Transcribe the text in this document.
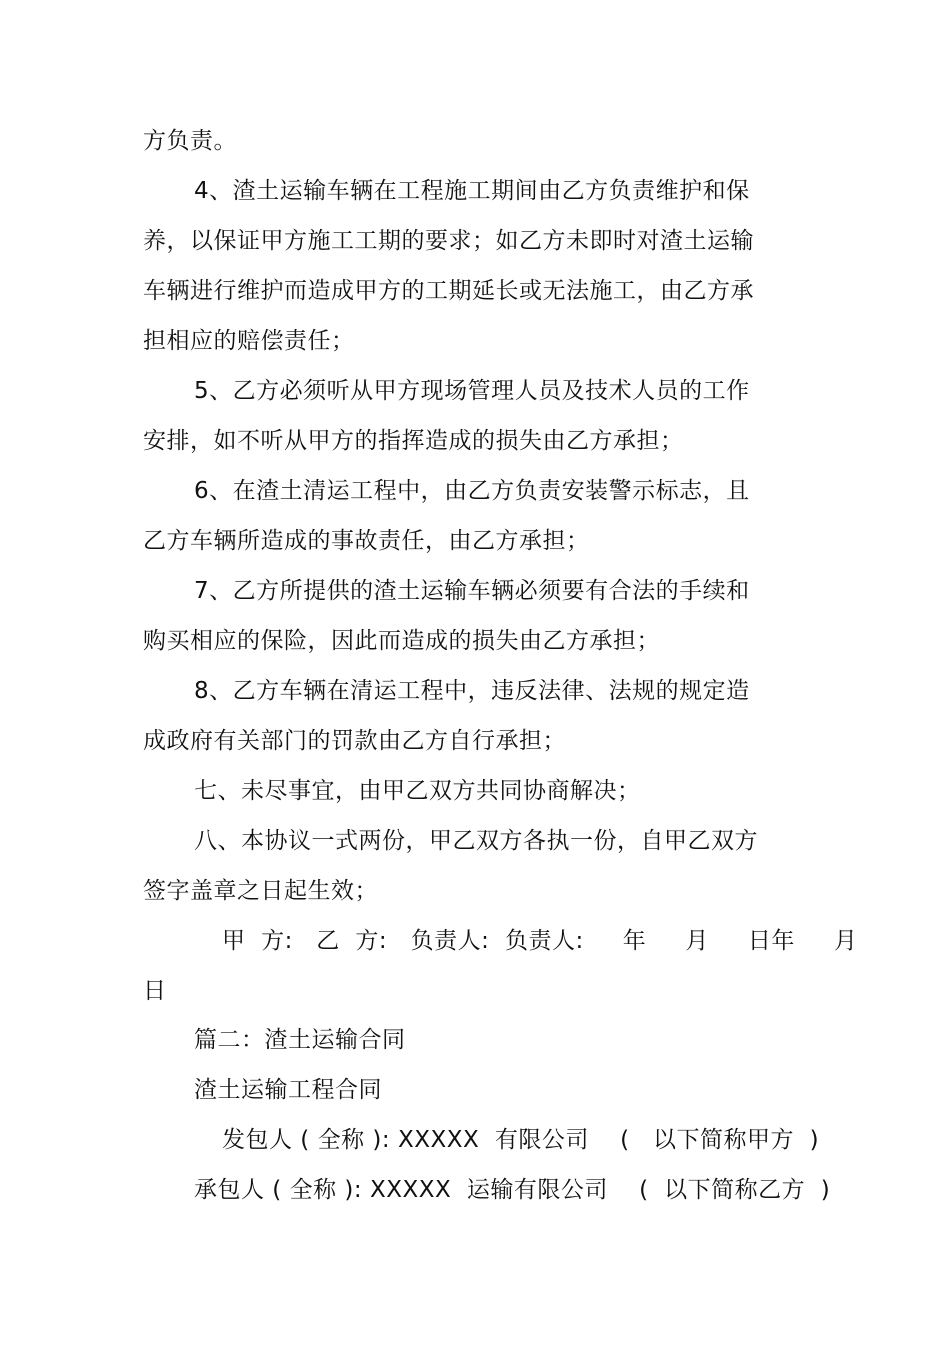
方负责。
4、渣土运输车辆在工程施工期间由乙方负责维护和保
养，以保证甲方施工工期的要求；如乙方未即时对渣土运输
车辆进行维护而造成甲方的工期延长或无法施工，由乙方承
担相应的赔偿责任；
5、乙方必须听从甲方现场管理人员及技术人员的工作
安排，如不听从甲方的指挥造成的损失由乙方承担；
6、在渣土清运工程中，由乙方负责安装警示标志，且
乙方车辆所造成的事故责任，由乙方承担；
7、乙方所提供的渣土运输车辆必须要有合法的手续和
购买相应的保险，因此而造成的损失由乙方承担；
8、乙方车辆在清运工程中，违反法律、法规的规定造
成政府有关部门的罚款由乙方自行承担；
七、未尽事宜，由甲乙双方共同协商解决；
八、本协议一式两份，甲乙双方各执一份，自甲乙双方
签字盖章之日起生效；
甲  方:   乙  方:   负责人:  负责人:     年     月     日年     月
日
篇二：渣土运输合同
渣土运输工程合同
发包人 ( 全称 ): XXXXX  有限公司    (   以下简称甲方  )
承包人 ( 全称 ): XXXXX  运输有限公司    (  以下简称乙方  )
